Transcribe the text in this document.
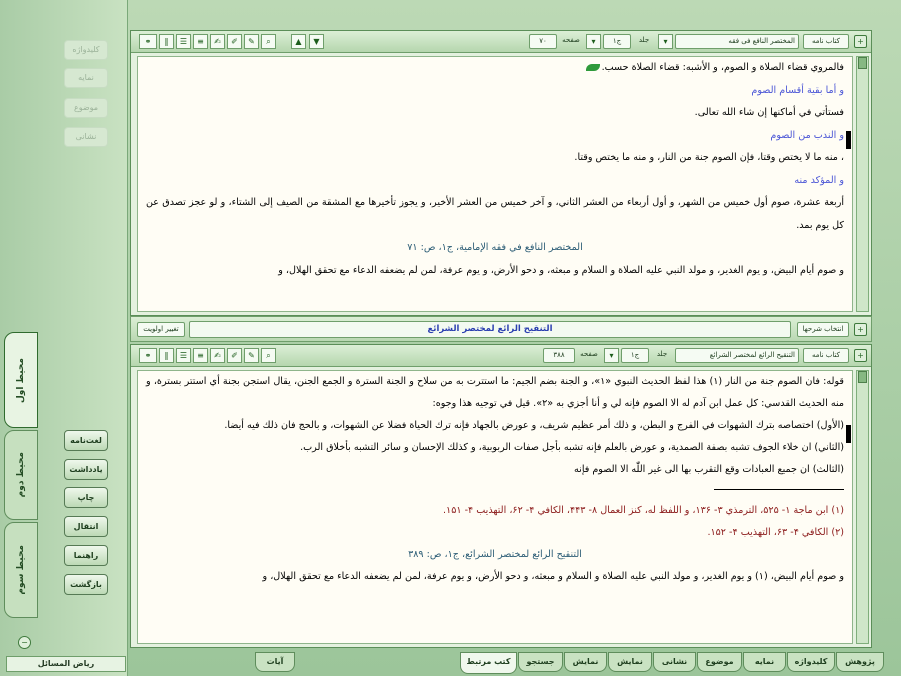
کلیدواژه
نمایه
موضوع
نشانی
محیط اول
محیط دوم
محیط سوم
لغت‌نامه
یادداشت
چاپ
انتقال
راهنما
بازگشت
−
+
کتاب نامه
المختصر النافع فی فقه
▾
جلد
ج۱
▾
صفحه
۷۰
▼
▲
⌕
✎
✐
✍
≡
☰
‖
⚭

فالمروي قضاء الصلاة و الصوم، و الأشبه: قضاء الصلاة حسب.

و أما بقية أقسام الصوم

فستأتي في أماكنها إن شاء الله تعالى.

و الندب من الصوم

، منه ما لا يختص وقتا، فإن الصوم جنة من النار، و منه ما يختص وقتا.

و المؤكد منه

أربعة عشرة، صوم أول خميس من الشهر، و أول أربعاء من العشر الثاني، و آخر خميس من العشر الأخير، و يجوز تأخيرها مع المشقة من الصيف إلى الشتاء، و لو عجز تصدق عن كل يوم بمد.

المختصر النافع في فقه الإمامية، ج‏۱، ص: ۷۱

و صوم أيام البيض، و يوم الغدير، و مولد النبي عليه الصلاة و السلام و مبعثه، و دحو الأرض، و يوم عرفة، لمن لم يضعفه الدعاء مع تحقق الهلال، و

+
انتخاب شرحها
التنقيح الرائع لمختصر الشرائع
تغییر اولویت
+
کتاب نامه
التنقيح الرائع لمختصر الشرائع
جلد
ج۱
▾
صفحه
۳۸۸
⌕
✎
✐
✍
≡
☰
‖
⚭

قوله: فان الصوم جنة من النار (۱) هذا لفظ الحديث النبوي «۱»، و الجنة بضم الجيم: ما استترت به من سلاح و الجنة السترة و الجمع الجنن، يقال استجن بجنة أي استتر بسترة، و منه الحديث القدسي: كل عمل ابن آدم له الا الصوم فإنه لي و أنا أجزي به «۲». قيل في توجيه هذا وجوه:

(الأول) اختصاصه بترك الشهوات في الفرج و البطن، و ذلك أمر عظيم شريف، و عورض بالجهاد فإنه ترك الحياة فضلا عن الشهوات، و بالحج فان ذلك فيه أيضا.

(الثاني) ان خلاء الجوف تشبه بصفة الصمدية، و عورض بالعلم فإنه تشبه بأجل صفات الربوبية، و كذلك الإحسان و سائر التشبه بأخلاق الرب.

(الثالث) ان جميع العبادات وقع التقرب بها الى غير اللّٰه الا الصوم فإنه

(۱) ابن ماجة ۱- ۵۲۵، الترمذي ۳- ۱۳۶، و اللفظ له، كنز العمال ۸- ۴۴۳، الكافي ۴- ۶۲، التهذيب ۴- ۱۵۱.

(۲) الكافي ۴- ۶۳، التهذيب ۴- ۱۵۲.

التنقيح الرائع لمختصر الشرائع، ج‏۱، ص: ۳۸۹

و صوم أيام البيض، (۱) و يوم الغدير، و مولد النبي عليه الصلاة و السلام و مبعثه، و دحو الأرض، و يوم عرفة، لمن لم يضعفه الدعاء مع تحقق الهلال، و

پژوهش
کلیدواژه
نمایه
موضوع
نشانی
نمایش
نمایش
جستجو
کتب مرتبط
آیات
ریاض المسائل
